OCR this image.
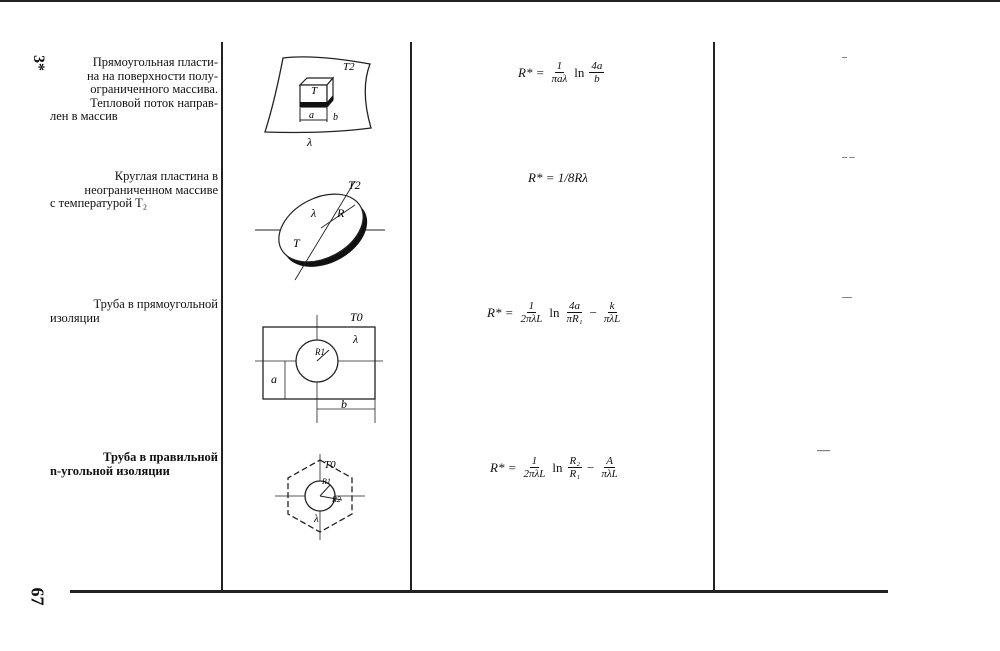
3*
67
Прямоугольная пласти-
на на поверхности полу-
ограниченного массива.
Тепловой поток направ-
лен в массив
Круглая пластина в
неограниченном массиве
с температурой T₂
Труба в прямоугольной
изоляции
Труба в правильной
n-угольной изоляции
T
T2
a b
λ
T2
λ R
T
T0
λ
R1
a
b
T0
R1
R2
λ
$R* = \frac{1}{\text{πaλ}}$ $\ln \frac{4a}{b}$
R* = 1/8Rλ
$R* = \frac{1}{\text{2πλL}}$ $\ln \frac{4a}{\text{πR₁}} - \frac{k}{\text{πλL}}$
$R* = \frac{1}{\text{2πλL}}$ $\ln \frac{\text{R₂}}{\text{R₁}} - \frac{A}{\text{πλL}}$
–
– –
—
—
